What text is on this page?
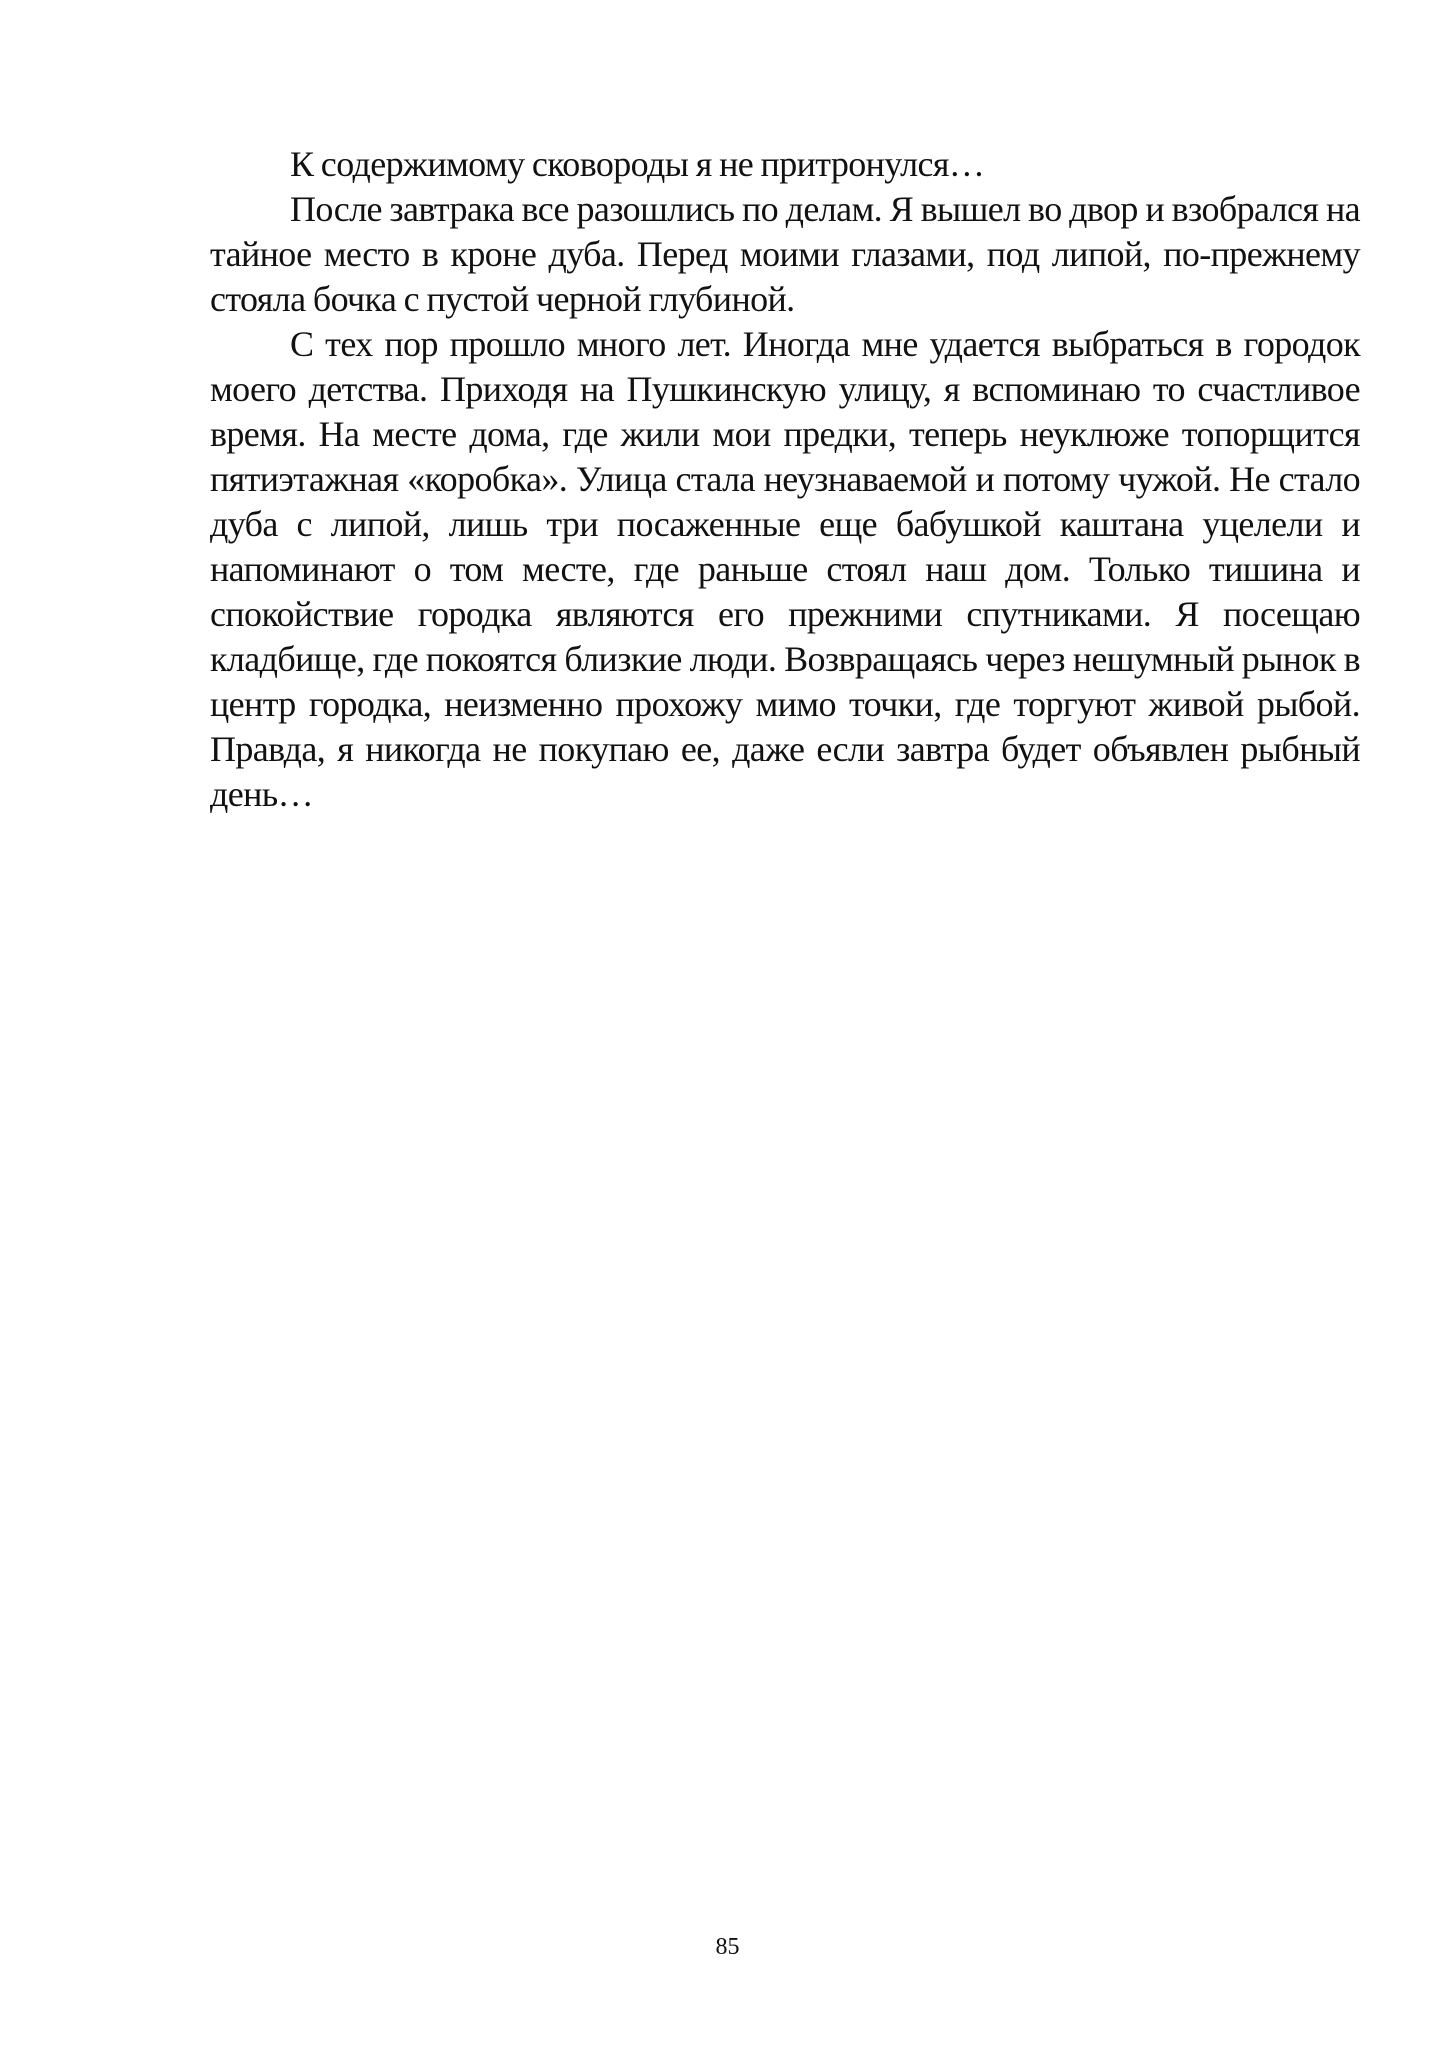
К содержимому сковороды я не притронулся…

После завтрака все разошлись по делам. Я вышел во двор и взобрался на тайное место в кроне дуба. Перед моими глазами, под липой, по-прежнему стояла бочка с пустой черной глубиной.

С тех пор прошло много лет. Иногда мне удается выбраться в городок моего детства. Приходя на Пушкинскую улицу, я вспоминаю то счастливое время. На месте дома, где жили мои предки, теперь неуклюже топорщится пятиэтажная «коробка». Улица стала неузнаваемой и потому чужой. Не стало дуба с липой, лишь три посаженные еще бабушкой каштана уцелели и напоминают о том месте, где раньше стоял наш дом. Только тишина и спокойствие городка являются его прежними спутниками. Я посещаю кладбище, где покоятся близкие люди. Возвращаясь через нешумный рынок в центр городка, неизменно прохожу мимо точки, где торгуют живой рыбой. Правда, я никогда не покупаю ее, даже если завтра будет объявлен рыбный день…

85
